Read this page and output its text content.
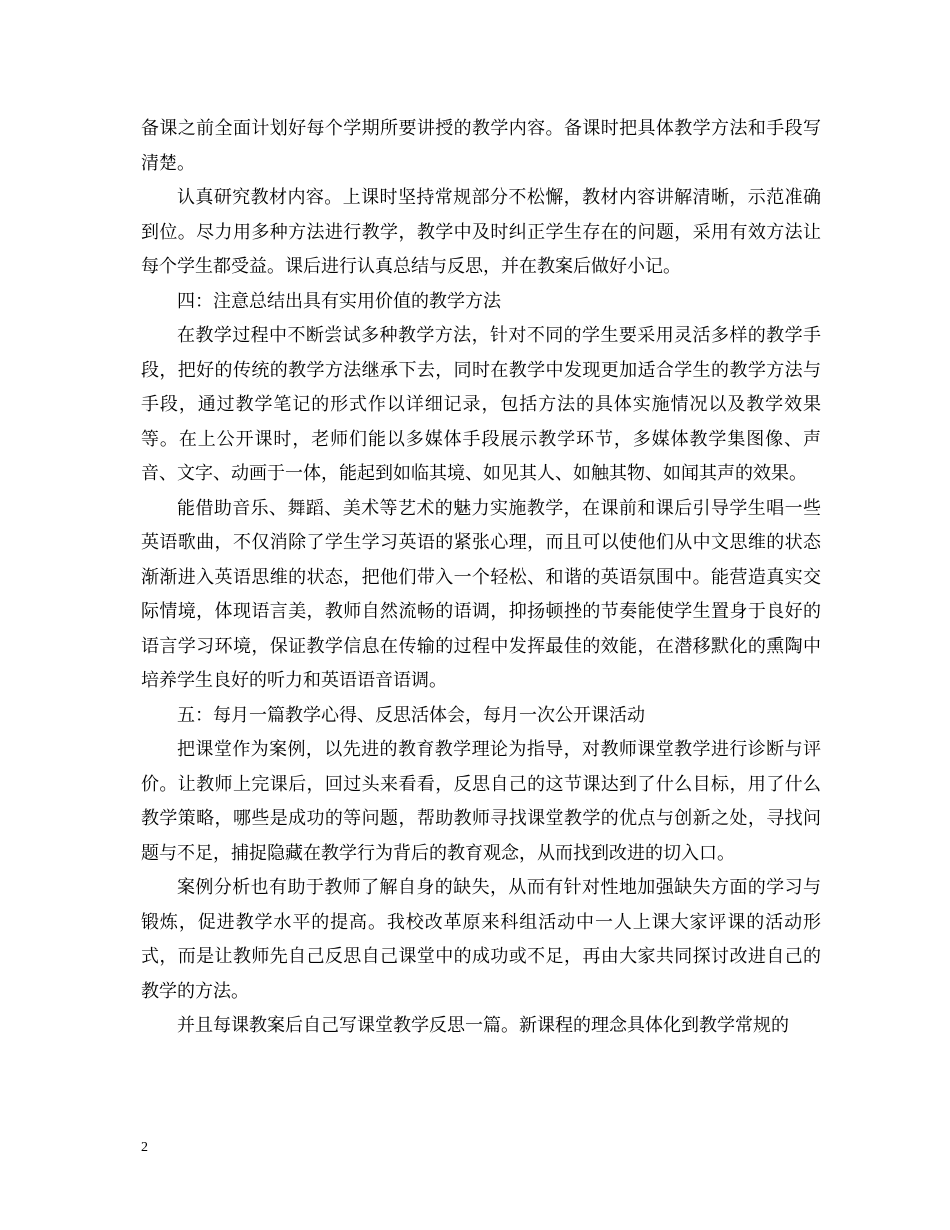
备课之前全面计划好每个学期所要讲授的教学内容。备课时把具体教学方法和手段写清楚。

认真研究教材内容。上课时坚持常规部分不松懈，教材内容讲解清晰，示范准确到位。尽力用多种方法进行教学，教学中及时纠正学生存在的问题，采用有效方法让每个学生都受益。课后进行认真总结与反思，并在教案后做好小记。

四：注意总结出具有实用价值的教学方法

在教学过程中不断尝试多种教学方法，针对不同的学生要采用灵活多样的教学手段，把好的传统的教学方法继承下去，同时在教学中发现更加适合学生的教学方法与手段，通过教学笔记的形式作以详细记录，包括方法的具体实施情况以及教学效果等。在上公开课时，老师们能以多媒体手段展示教学环节，多媒体教学集图像、声音、文字、动画于一体，能起到如临其境、如见其人、如触其物、如闻其声的效果。

能借助音乐、舞蹈、美术等艺术的魅力实施教学，在课前和课后引导学生唱一些英语歌曲，不仅消除了学生学习英语的紧张心理，而且可以使他们从中文思维的状态渐渐进入英语思维的状态，把他们带入一个轻松、和谐的英语氛围中。能营造真实交际情境，体现语言美，教师自然流畅的语调，抑扬顿挫的节奏能使学生置身于良好的语言学习环境，保证教学信息在传输的过程中发挥最佳的效能，在潜移默化的熏陶中培养学生良好的听力和英语语音语调。

五：每月一篇教学心得、反思活体会，每月一次公开课活动

把课堂作为案例，以先进的教育教学理论为指导，对教师课堂教学进行诊断与评价。让教师上完课后，回过头来看看，反思自己的这节课达到了什么目标，用了什么教学策略，哪些是成功的等问题，帮助教师寻找课堂教学的优点与创新之处，寻找问题与不足，捕捉隐藏在教学行为背后的教育观念，从而找到改进的切入口。

案例分析也有助于教师了解自身的缺失，从而有针对性地加强缺失方面的学习与锻炼，促进教学水平的提高。我校改革原来科组活动中一人上课大家评课的活动形式，而是让教师先自己反思自己课堂中的成功或不足，再由大家共同探讨改进自己的教学的方法。

并且每课教案后自己写课堂教学反思一篇。新课程的理念具体化到教学常规的

2
